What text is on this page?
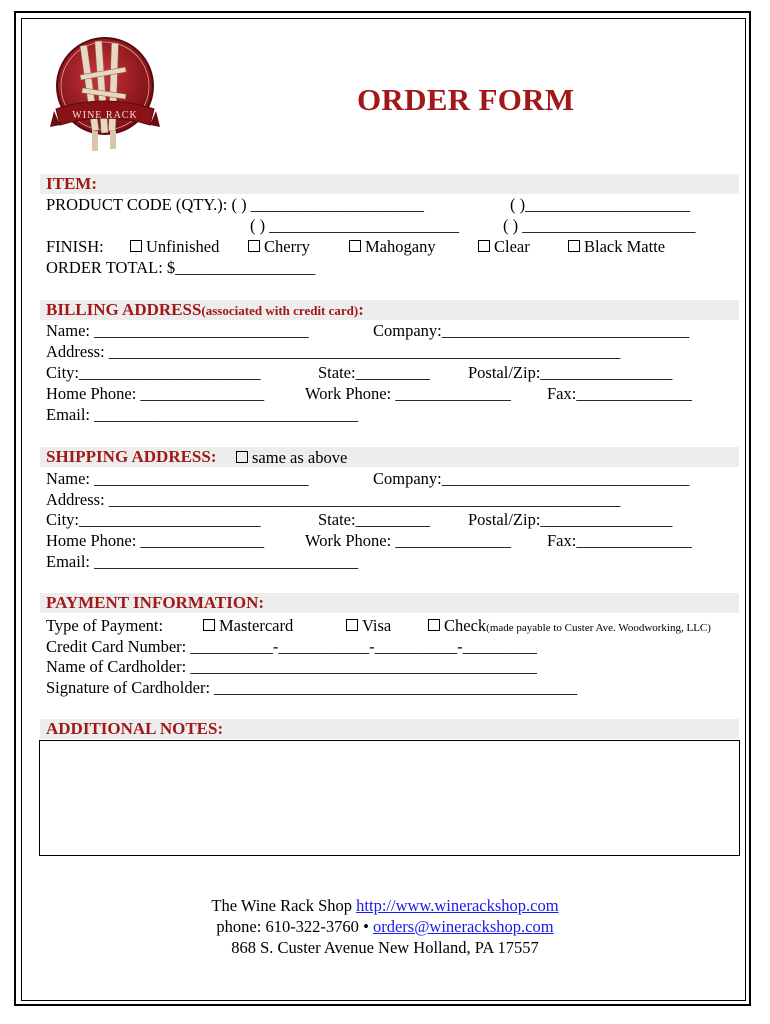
WINE RACK	ORDER FORM
ITEM:
PRODUCT CODE (QTY.): ( ) _____________________	( )____________________
( ) _______________________	( ) _____________________
FINISH:	Unfinished	Cherry	Mahogany	Clear	Black Matte
ORDER TOTAL: $_________________
BILLING ADDRESS(associated with credit card):
Name: __________________________	Company:______________________________
Address: ______________________________________________________________
City:______________________	State:_________ Postal/Zip:________________
Home Phone: _______________ Work Phone: ______________ Fax:______________
Email: ________________________________
SHIPPING ADDRESS:	same as above
Name: __________________________	Company:______________________________
Address: ______________________________________________________________
City:______________________	State:_________ Postal/Zip:________________
Home Phone: _______________ Work Phone: ______________ Fax:______________
Email: ________________________________
PAYMENT INFORMATION:
Type of Payment:	Mastercard	Visa	Check(made payable to Custer Ave. Woodworking, LLC)
Credit Card Number: __________-___________-__________-_________
Name of Cardholder: __________________________________________
Signature of Cardholder: ____________________________________________
ADDITIONAL NOTES:
The Wine Rack Shop http://www.winerackshop.com
phone: 610-322-3760 • orders@winerackshop.com
868 S. Custer Avenue New Holland, PA 17557
